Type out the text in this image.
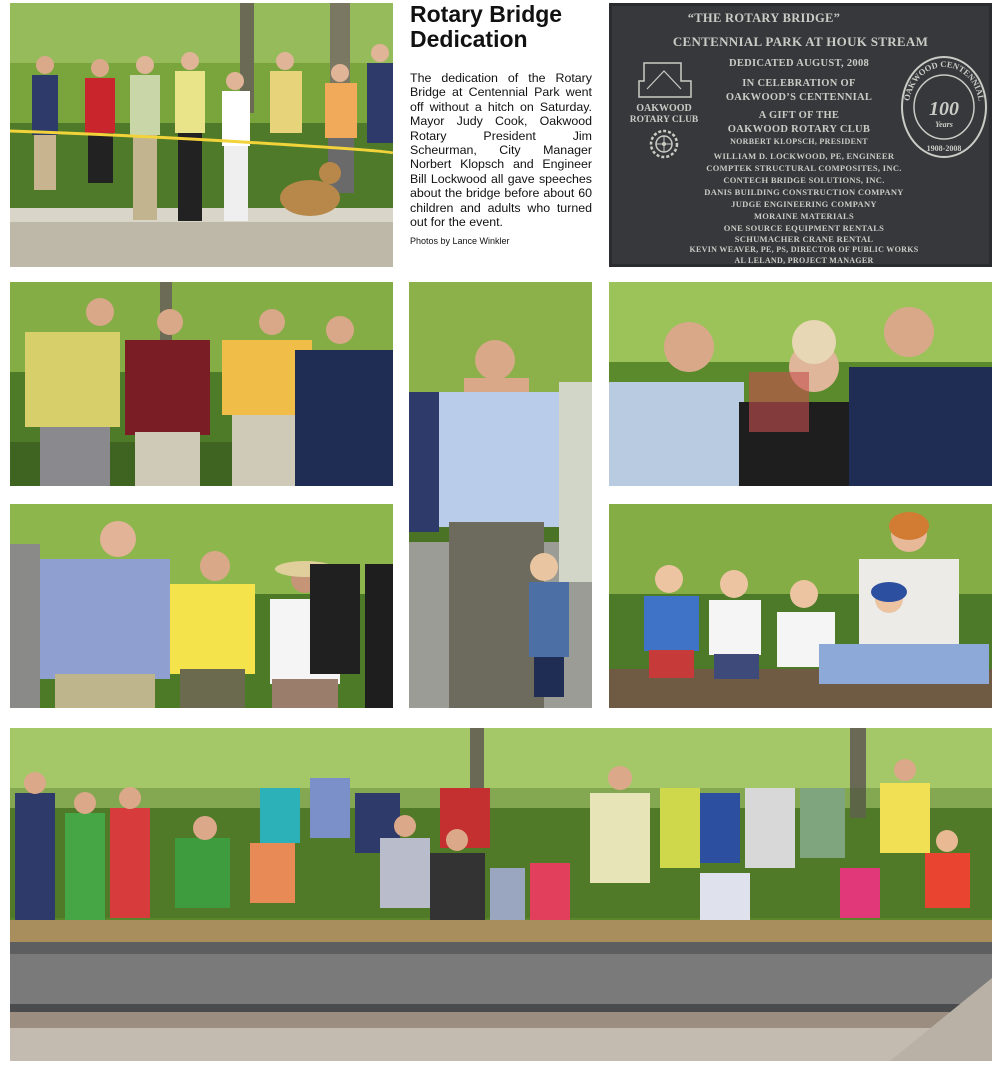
Rotary Bridge
Dedication

The dedication of the Rotary Bridge at Centennial Park went off without a hitch on Saturday. Mayor Judy Cook, Oakwood Rotary President Jim Scheurman, City Manager Norbert Klopsch and Engineer Bill Lockwood all gave speeches about the bridge before about 60 children and adults who turned out for the event.

Photos by Lance Winkler

“THE ROTARY BRIDGE”
CENTENNIAL PARK AT HOUK STREAM
DEDICATED AUGUST, 2008
IN CELEBRATION OF
OAKWOOD’S CENTENNIAL
A GIFT OF THE
OAKWOOD ROTARY CLUB
NORBERT KLOPSCH, PRESIDENT
WILLIAM D. LOCKWOOD, PE, ENGINEER
COMPTEK STRUCTURAL COMPOSITES, INC.
CONTECH BRIDGE SOLUTIONS, INC.
DANIS BUILDING CONSTRUCTION COMPANY
JUDGE ENGINEERING COMPANY
MORAINE MATERIALS
ONE SOURCE EQUIPMENT RENTALS
SCHUMACHER CRANE RENTAL
KEVIN WEAVER, PE, PS, DIRECTOR OF PUBLIC WORKS
AL LELAND, PROJECT MANAGER
OAKWOOD
ROTARY CLUB
OAKWOOD CENTENNIAL
100
Years
1908-2008
